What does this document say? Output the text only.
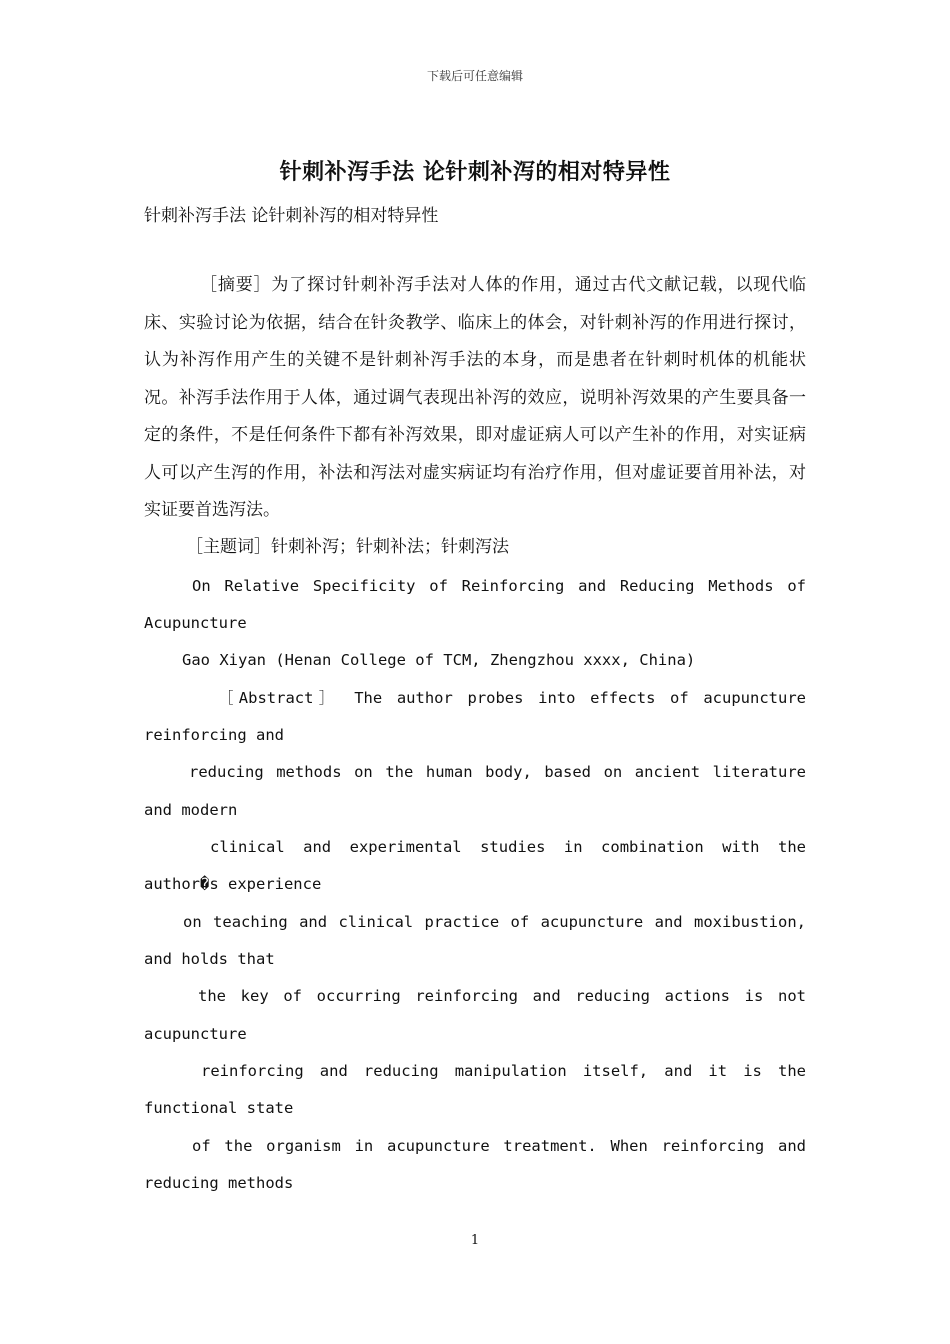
下载后可任意编辑
针刺补泻手法 论针刺补泻的相对特异性
针刺补泻手法 论针刺补泻的相对特异性
［摘要］为了探讨针刺补泻手法对人体的作用，通过古代文献记载，以现代临床、实验讨论为依据，结合在针灸教学、临床上的体会，对针刺补泻的作用进行探讨，认为补泻作用产生的关键不是针刺补泻手法的本身，而是患者在针刺时机体的机能状况。补泻手法作用于人体，通过调气表现出补泻的效应，说明补泻效果的产生要具备一定的条件，不是任何条件下都有补泻效果，即对虚证病人可以产生补的作用，对实证病人可以产生泻的作用，补法和泻法对虚实病证均有治疗作用，但对虚证要首用补法，对实证要首选泻法。
［主题词］针刺补泻；针刺补法；针刺泻法
On Relative Specificity of Reinforcing and Reducing Methods of
Acupuncture
Gao Xiyan (Henan College of TCM, Zhengzhou xxxx, China)
［Abstract］ The author probes into effects of acupuncture
reinforcing and
reducing methods on the human body, based on ancient literature
and modern
clinical and experimental studies in combination with the
author�s experience
on teaching and clinical practice of acupuncture and moxibustion,
and holds that
the key of occurring reinforcing and reducing actions is not
acupuncture
reinforcing and reducing manipulation itself, and it is the
functional state
of the organism in acupuncture treatment. When reinforcing and
reducing methods
1
